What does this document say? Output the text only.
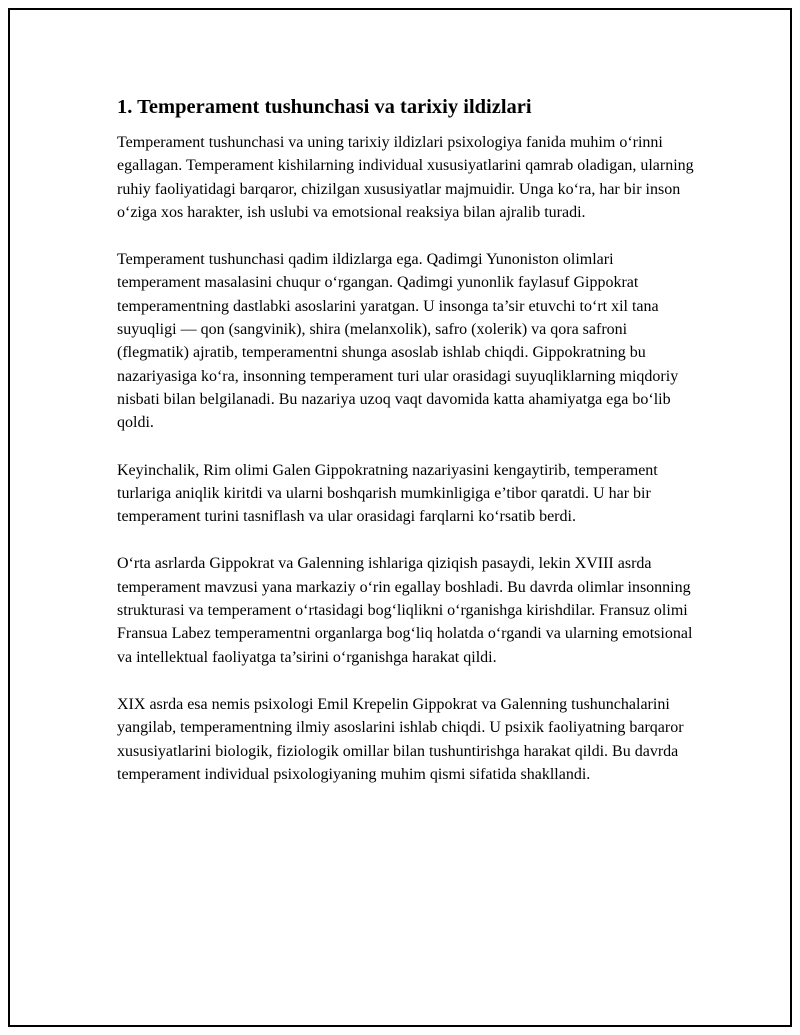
1. Temperament tushunchasi va tarixiy ildizlari

Temperament tushunchasi va uning tarixiy ildizlari psixologiya fanida muhim o‘rinni egallagan. Temperament kishilarning individual xususiyatlarini qamrab oladigan, ularning ruhiy faoliyatidagi barqaror, chizilgan xususiyatlar majmuidir. Unga ko‘ra, har bir inson o‘ziga xos harakter, ish uslubi va emotsional reaksiya bilan ajralib turadi.

Temperament tushunchasi qadim ildizlarga ega. Qadimgi Yunoniston olimlari temperament masalasini chuqur o‘rgangan. Qadimgi yunonlik faylasuf Gippokrat temperamentning dastlabki asoslarini yaratgan. U insonga ta’sir etuvchi to‘rt xil tana suyuqligi — qon (sangvinik), shira (melanxolik), safro (xolerik) va qora safroni (flegmatik) ajratib, temperamentni shunga asoslab ishlab chiqdi. Gippokratning bu nazariyasiga ko‘ra, insonning temperament turi ular orasidagi suyuqliklarning miqdoriy nisbati bilan belgilanadi. Bu nazariya uzoq vaqt davomida katta ahamiyatga ega bo‘lib qoldi.

Keyinchalik, Rim olimi Galen Gippokratning nazariyasini kengaytirib, temperament turlariga aniqlik kiritdi va ularni boshqarish mumkinligiga e’tibor qaratdi. U har bir temperament turini tasniflash va ular orasidagi farqlarni ko‘rsatib berdi.

O‘rta asrlarda Gippokrat va Galenning ishlariga qiziqish pasaydi, lekin XVIII asrda temperament mavzusi yana markaziy o‘rin egallay boshladi. Bu davrda olimlar insonning strukturasi va temperament o‘rtasidagi bog‘liqlikni o‘rganishga kirishdilar. Fransuz olimi Fransua Labez temperamentni organlarga bog‘liq holatda o‘rgandi va ularning emotsional va intellektual faoliyatga ta’sirini o‘rganishga harakat qildi.

XIX asrda esa nemis psixologi Emil Krepelin Gippokrat va Galenning tushunchalarini yangilab, temperamentning ilmiy asoslarini ishlab chiqdi. U psixik faoliyatning barqaror xususiyatlarini biologik, fiziologik omillar bilan tushuntirishga harakat qildi. Bu davrda temperament individual psixologiyaning muhim qismi sifatida shakllandi.
